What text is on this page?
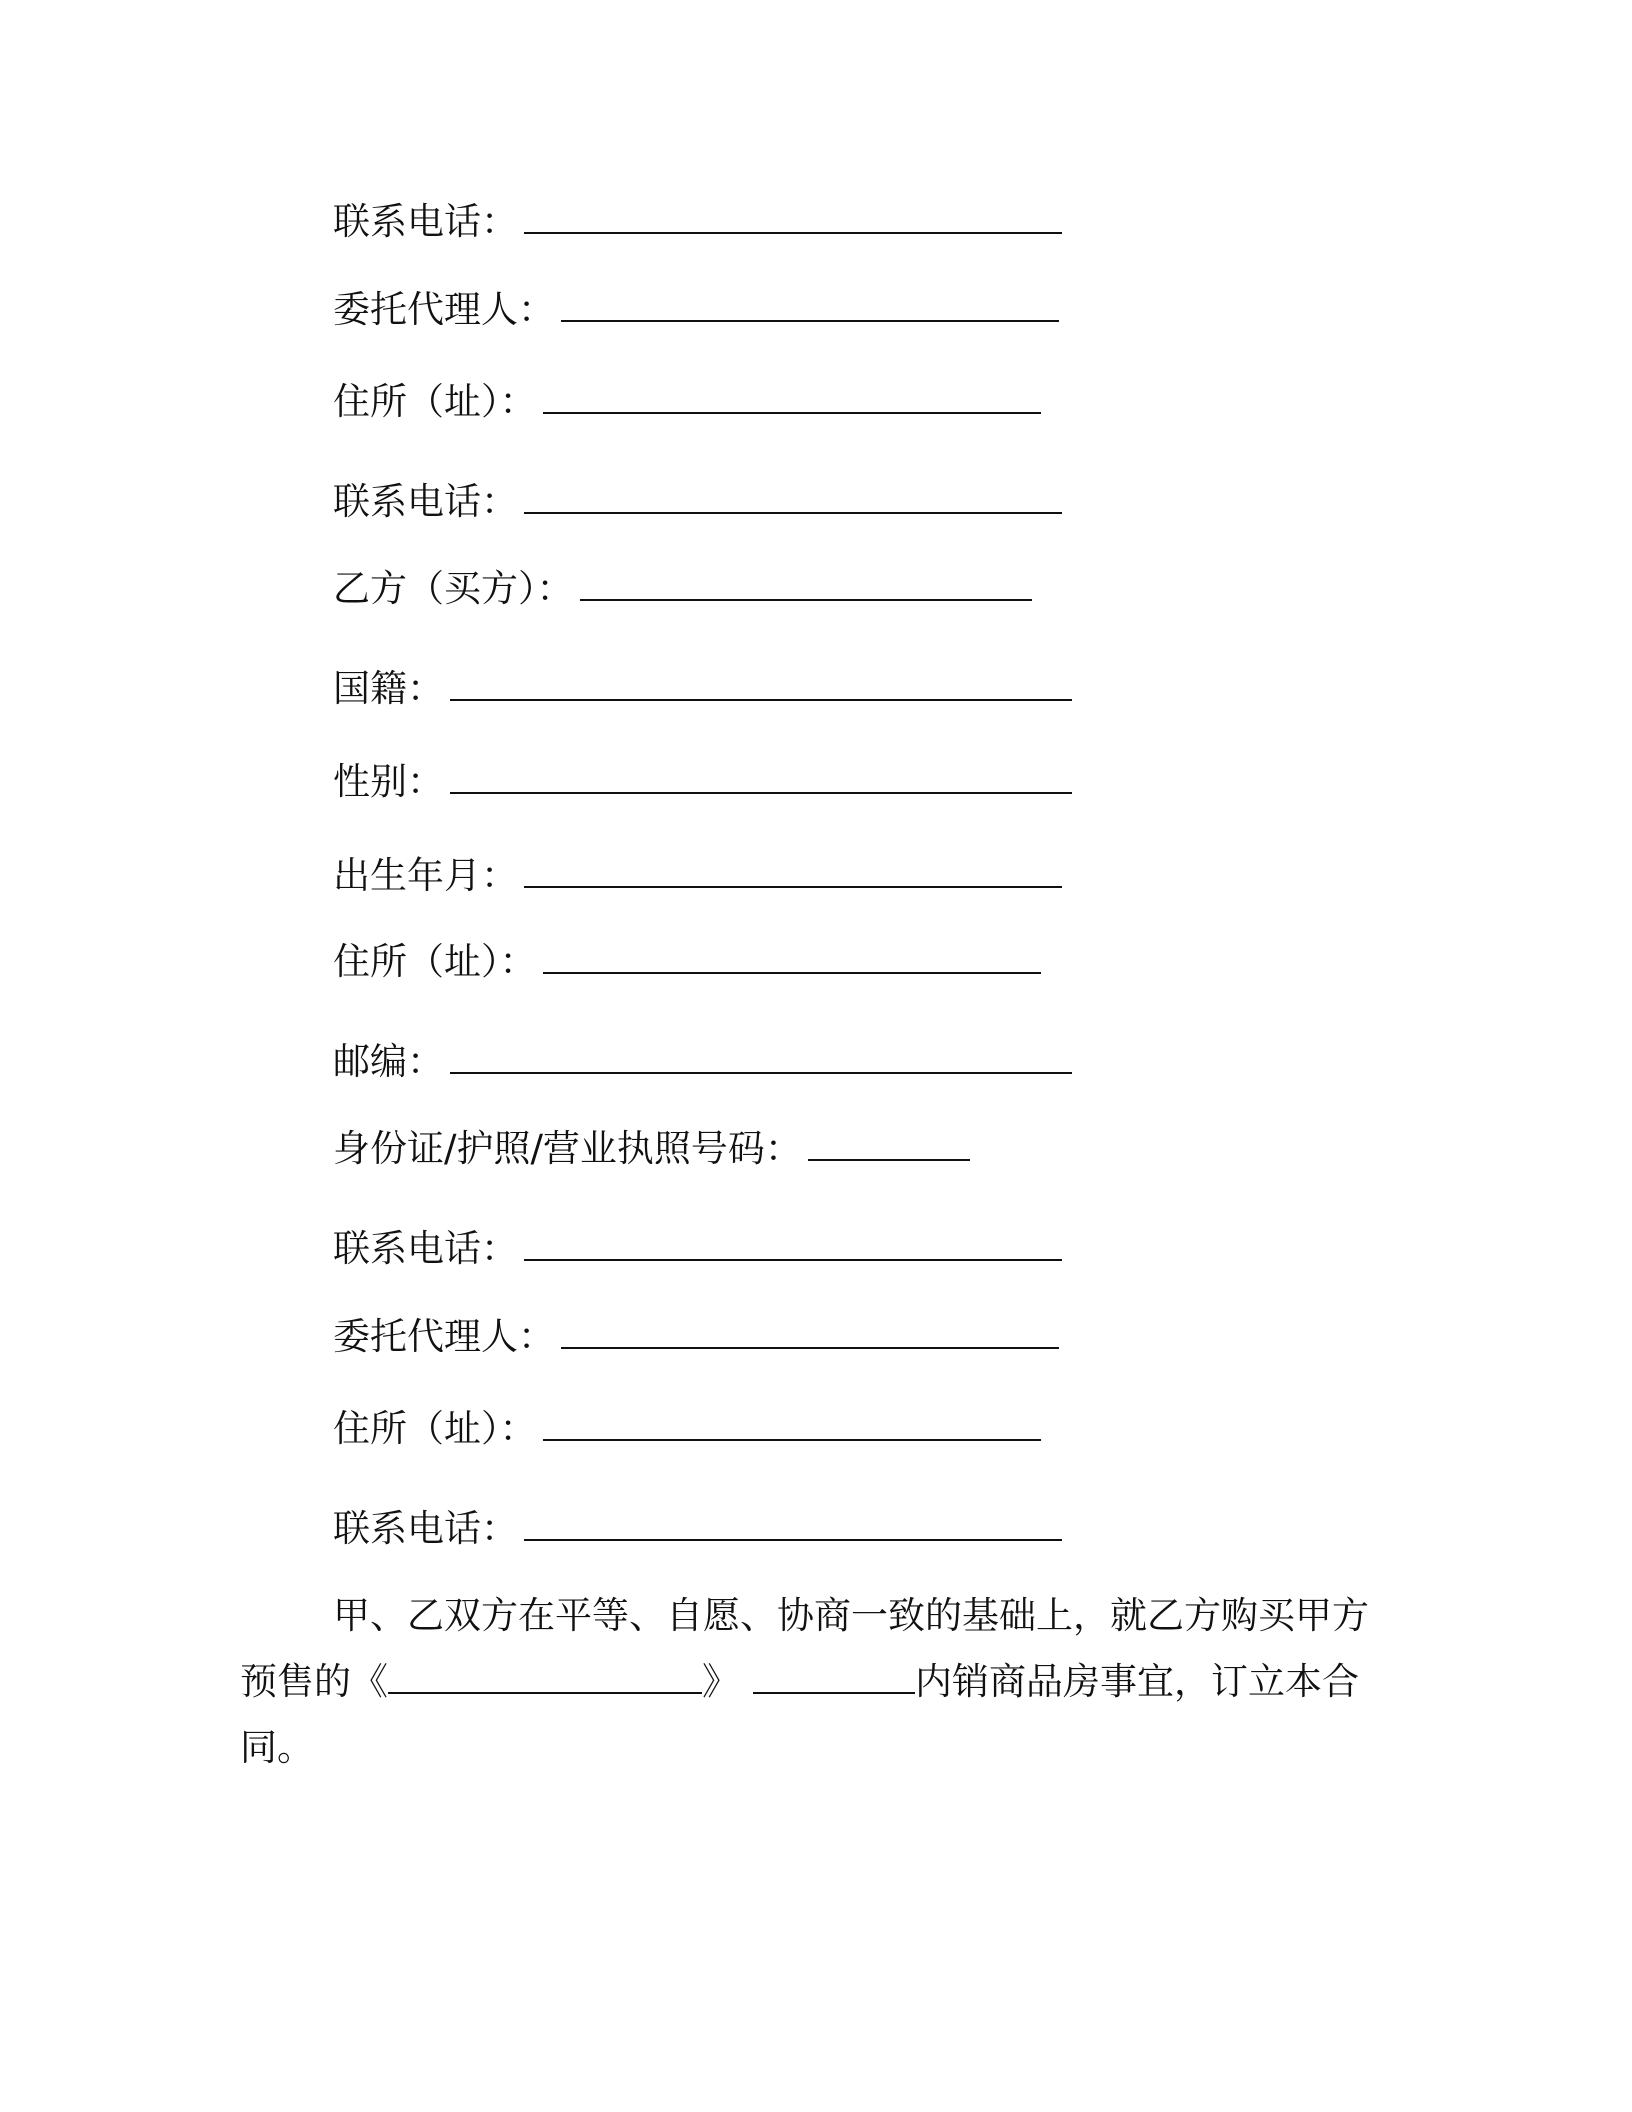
联系电话：
委托代理人：
住所（址）：
联系电话：
乙方（买方）：
国籍：
性别：
出生年月：
住所（址）：
邮编：
身份证/护照/营业执照号码：
联系电话：
委托代理人：
住所（址）：
联系电话：
甲、乙双方在平等、自愿、协商一致的基础上，就乙方购买甲方
预售的《	》	内销商品房事宜，订立本合
同。
